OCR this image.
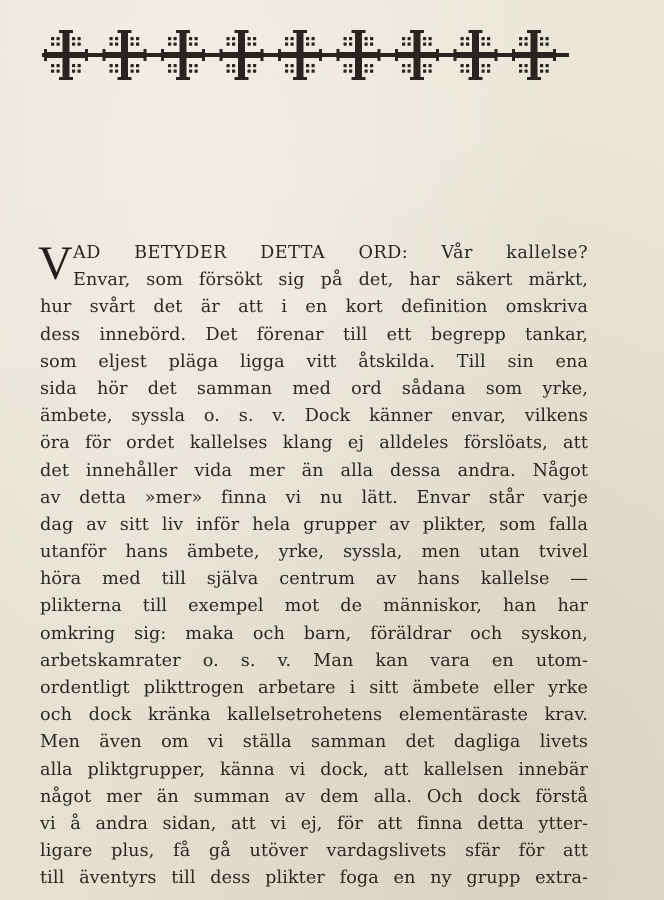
V AD BETYDER DETTA ORD: Vår kallelse?
Envar, som försökt sig på det, har säkert märkt,
hur svårt det är att i en kort definition omskriva
dess innebörd. Det förenar till ett begrepp tankar,
som eljest pläga ligga vitt åtskilda. Till sin ena
sida hör det samman med ord sådana som yrke,
ämbete, syssla o. s. v. Dock känner envar, vilkens
öra för ordet kallelses klang ej alldeles förslöats, att
det innehåller vida mer än alla dessa andra. Något
av detta »mer» finna vi nu lätt. Envar står varje
dag av sitt liv inför hela grupper av plikter, som falla
utanför hans ämbete, yrke, syssla, men utan tvivel
höra med till själva centrum av hans kallelse —
plikterna till exempel mot de människor, han har
omkring sig: maka och barn, föräldrar och syskon,
arbetskamrater o. s. v. Man kan vara en utom-
ordentligt plikttrogen arbetare i sitt ämbete eller yrke
och dock kränka kallelsetrohetens elementäraste krav.
Men även om vi ställa samman det dagliga livets
alla pliktgrupper, känna vi dock, att kallelsen innebär
något mer än summan av dem alla. Och dock förstå
vi å andra sidan, att vi ej, för att finna detta ytter-
ligare plus, få gå utöver vardagslivets sfär för att
till äventyrs till dess plikter foga en ny grupp extra-
